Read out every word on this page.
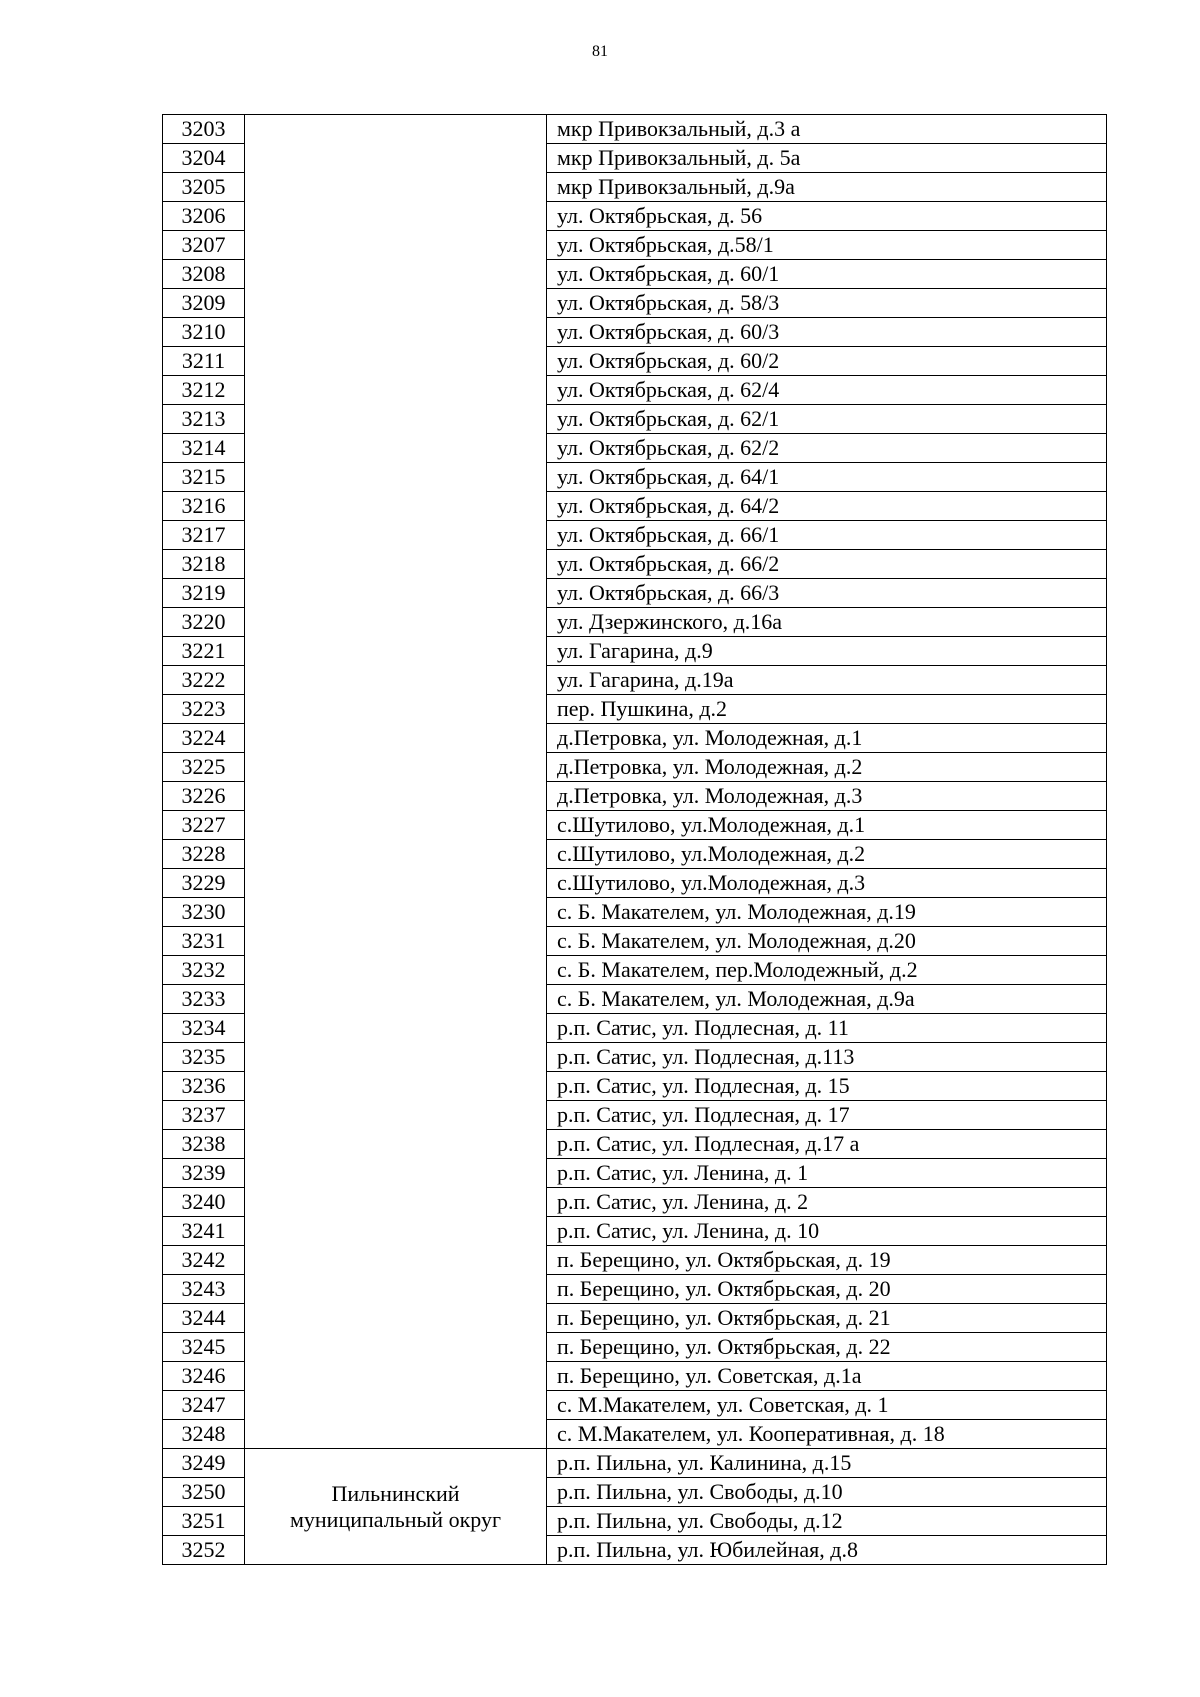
81
3203		мкр Привокзальный, д.3 а
3204		мкр Привокзальный, д. 5а
3205		мкр Привокзальный, д.9а
3206		ул. Октябрьская, д. 56
3207		ул. Октябрьская, д.58/1
3208		ул. Октябрьская, д. 60/1
3209		ул. Октябрьская, д. 58/3
3210		ул. Октябрьская, д. 60/3
3211		ул. Октябрьская, д. 60/2
3212		ул. Октябрьская, д. 62/4
3213		ул. Октябрьская, д. 62/1
3214		ул. Октябрьская, д. 62/2
3215		ул. Октябрьская, д. 64/1
3216		ул. Октябрьская, д. 64/2
3217		ул. Октябрьская, д. 66/1
3218		ул. Октябрьская, д. 66/2
3219		ул. Октябрьская, д. 66/3
3220		ул. Дзержинского, д.16а
3221		ул. Гагарина, д.9
3222		ул. Гагарина, д.19а
3223		пер. Пушкина, д.2
3224		д.Петровка, ул. Молодежная, д.1
3225		д.Петровка, ул. Молодежная, д.2
3226		д.Петровка, ул. Молодежная, д.3
3227		с.Шутилово, ул.Молодежная, д.1
3228		с.Шутилово, ул.Молодежная, д.2
3229		с.Шутилово, ул.Молодежная, д.3
3230		с. Б. Макателем, ул. Молодежная, д.19
3231		с. Б. Макателем, ул. Молодежная, д.20
3232		с. Б. Макателем, пер.Молодежный, д.2
3233		с. Б. Макателем, ул. Молодежная, д.9а
3234		р.п. Сатис, ул. Подлесная, д. 11
3235		р.п. Сатис, ул. Подлесная, д.113
3236		р.п. Сатис, ул. Подлесная, д. 15
3237		р.п. Сатис, ул. Подлесная, д. 17
3238		р.п. Сатис, ул. Подлесная, д.17 а
3239		р.п. Сатис, ул. Ленина, д. 1
3240		р.п. Сатис, ул. Ленина, д. 2
3241		р.п. Сатис, ул. Ленина, д. 10
3242		п. Берещино, ул. Октябрьская, д. 19
3243		п. Берещино, ул. Октябрьская, д. 20
3244		п. Берещино, ул. Октябрьская, д. 21
3245		п. Берещино, ул. Октябрьская, д. 22
3246		п. Берещино, ул. Советская, д.1а
3247		с. М.Макателем, ул. Советская, д. 1
3248		с. М.Макателем, ул. Кооперативная, д. 18
3249	Пильнинский муниципальный округ	р.п. Пильна, ул. Калинина, д.15
3250		р.п. Пильна, ул. Свободы, д.10
3251		р.п. Пильна, ул. Свободы, д.12
3252		р.п. Пильна, ул. Юбилейная, д.8
